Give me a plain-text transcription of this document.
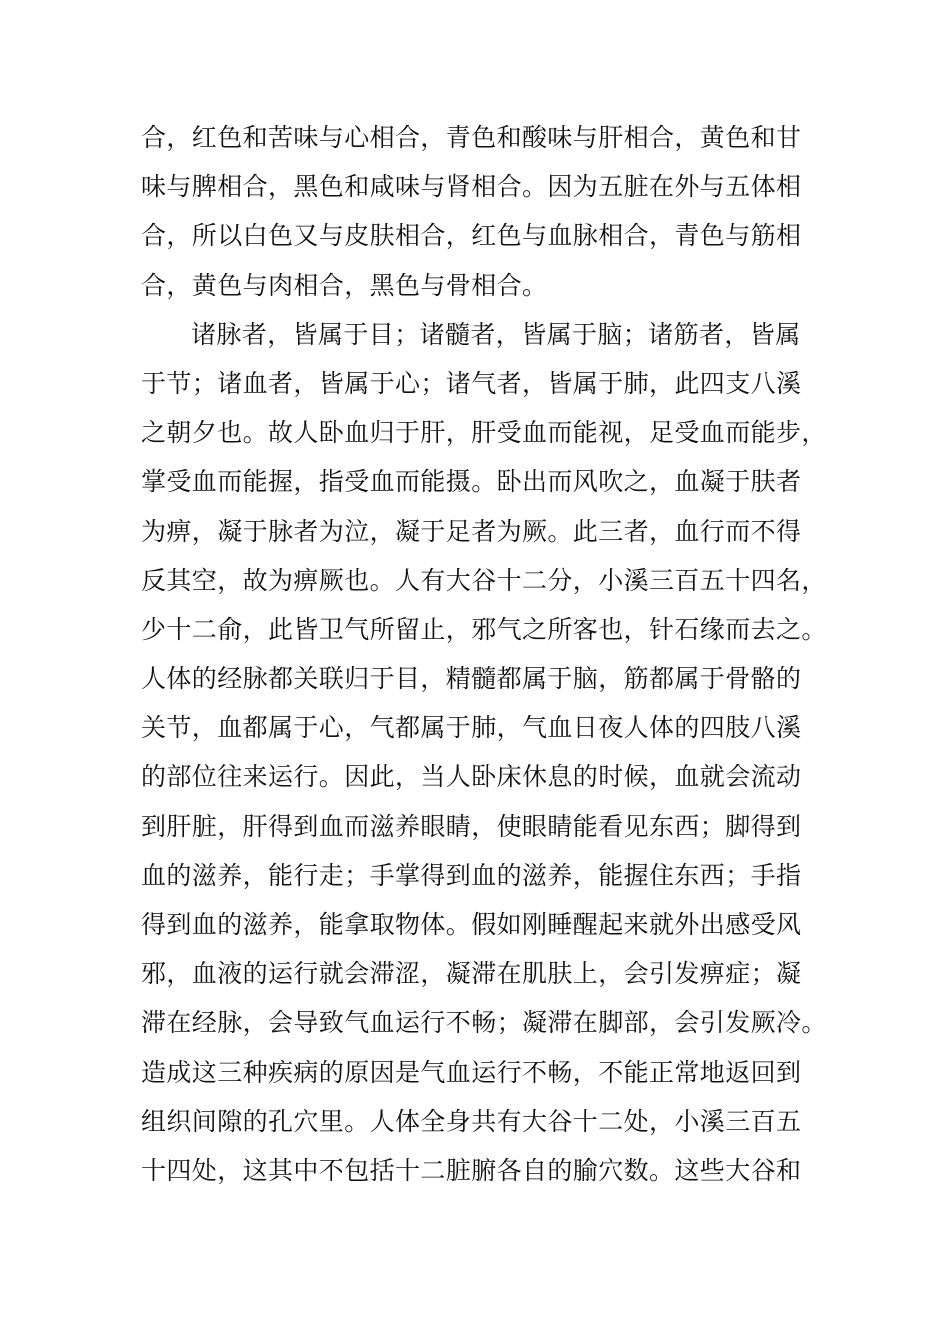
合，红色和苦味与心相合，青色和酸味与肝相合，黄色和甘
味与脾相合，黑色和咸味与肾相合。因为五脏在外与五体相
合，所以白色又与皮肤相合，红色与血脉相合，青色与筋相
合，黄色与肉相合，黑色与骨相合。
诸脉者，皆属于目；诸髓者，皆属于脑；诸筋者，皆属
于节；诸血者，皆属于心；诸气者，皆属于肺，此四支八溪
之朝夕也。故人卧血归于肝，肝受血而能视，足受血而能步，
掌受血而能握，指受血而能摄。卧出而风吹之，血凝于肤者
为痹，凝于脉者为泣，凝于足者为厥。此三者，血行而不得
反其空，故为痹厥也。人有大谷十二分，小溪三百五十四名，
少十二俞，此皆卫气所留止，邪气之所客也，针石缘而去之。
人体的经脉都关联归于目，精髓都属于脑，筋都属于骨骼的
关节，血都属于心，气都属于肺，气血日夜人体的四肢八溪
的部位往来运行。因此，当人卧床休息的时候，血就会流动
到肝脏，肝得到血而滋养眼睛，使眼睛能看见东西；脚得到
血的滋养，能行走；手掌得到血的滋养，能握住东西；手指
得到血的滋养，能拿取物体。假如刚睡醒起来就外出感受风
邪，血液的运行就会滞涩，凝滞在肌肤上，会引发痹症；凝
滞在经脉，会导致气血运行不畅；凝滞在脚部，会引发厥冷。
造成这三种疾病的原因是气血运行不畅，不能正常地返回到
组织间隙的孔穴里。人体全身共有大谷十二处，小溪三百五
十四处，这其中不包括十二脏腑各自的腧穴数。这些大谷和
